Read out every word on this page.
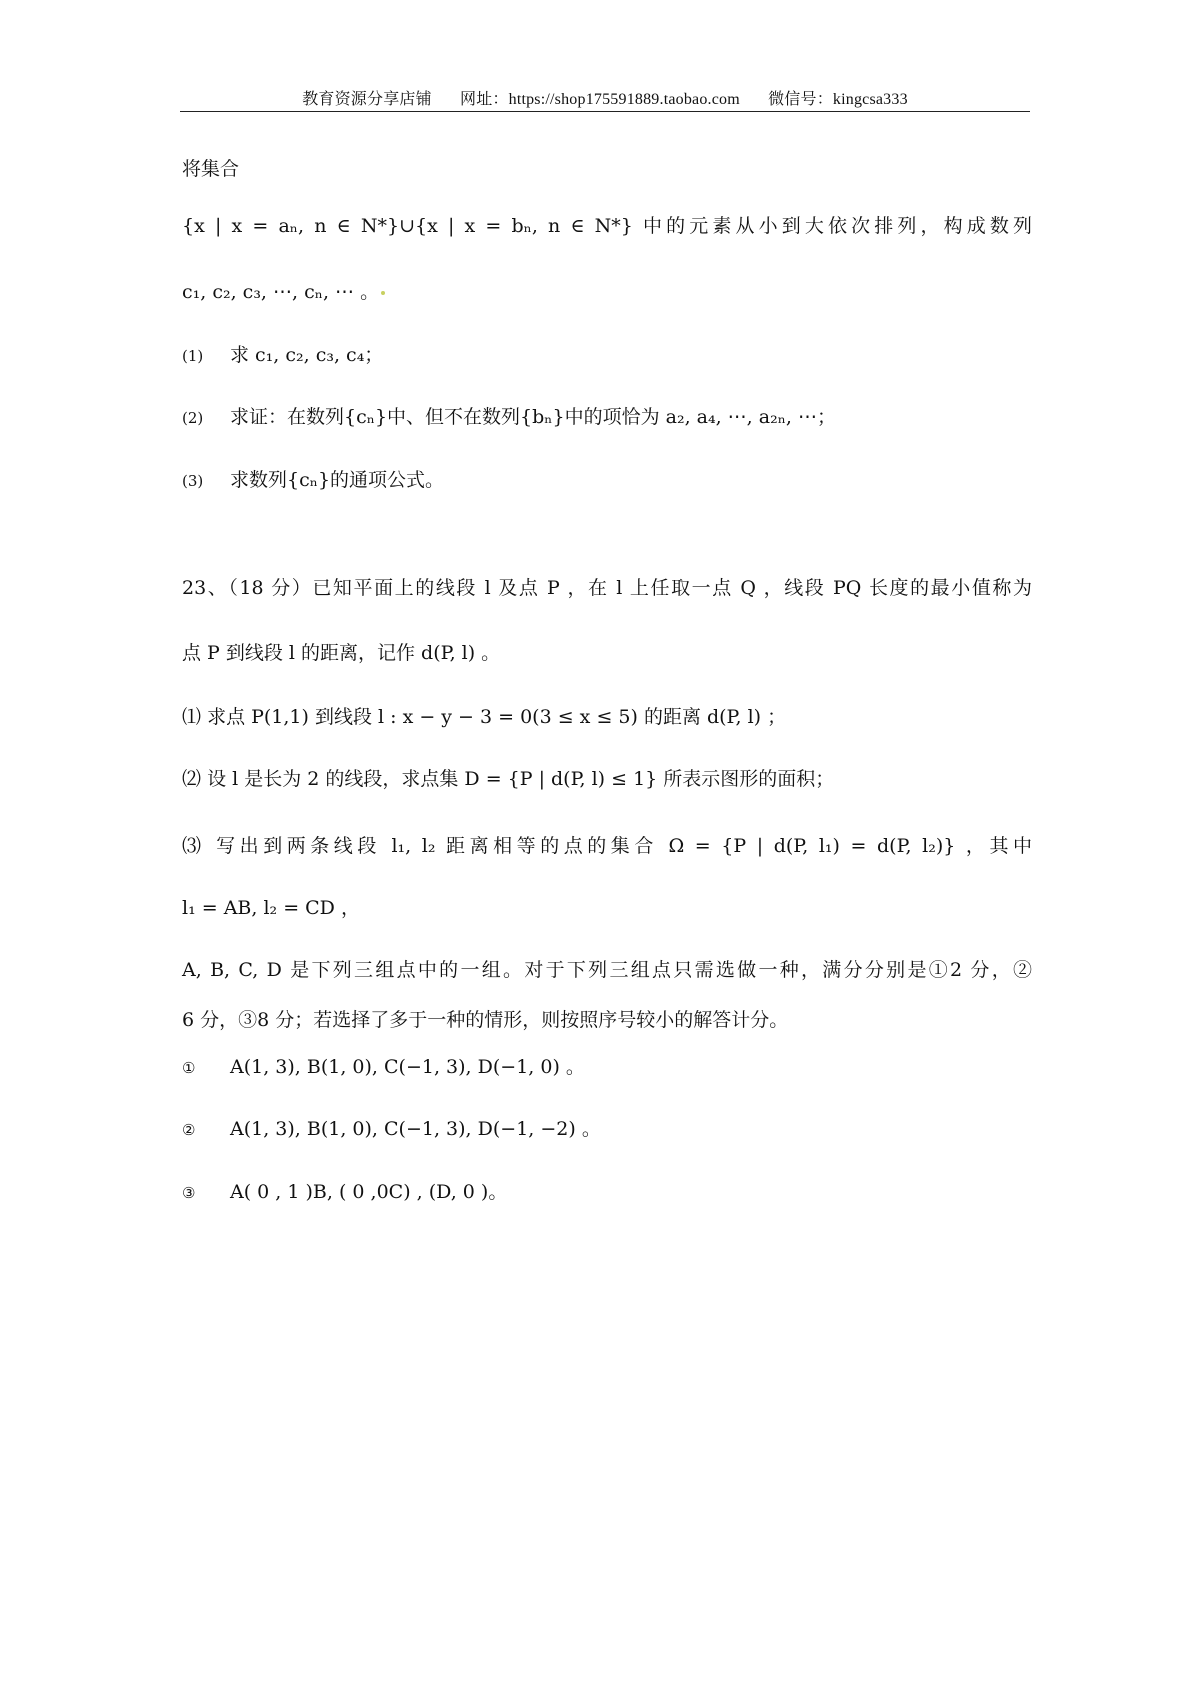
教育资源分享店铺 网址：https://shop175591889.taobao.com 微信号：kingcsa333
将集合
{x | x = aₙ, n ∈ N*}∪{x | x = bₙ, n ∈ N*} 中的元素从小到大依次排列，构成数列
c₁, c₂, c₃, ⋯, cₙ, ⋯ 。
(1) 求 c₁, c₂, c₃, c₄；
(2) 求证：在数列{cₙ}中、但不在数列{bₙ}中的项恰为 a₂, a₄, ⋯, a₂ₙ, ⋯；
(3) 求数列{cₙ}的通项公式。
23、（18 分）已知平面上的线段 l 及点 P ，在 l 上任取一点 Q ，线段 PQ 长度的最小值称为
点 P 到线段 l 的距离，记作 d(P, l) 。
⑴ 求点 P(1,1) 到线段 l : x − y − 3 = 0(3 ≤ x ≤ 5) 的距离 d(P, l) ；
⑵ 设 l 是长为 2 的线段，求点集 D = {P | d(P, l) ≤ 1} 所表示图形的面积；
⑶ 写出到两条线段 l₁, l₂ 距离相等的点的集合 Ω = {P | d(P, l₁) = d(P, l₂)} ，其中
l₁ = AB, l₂ = CD ，
A, B, C, D 是下列三组点中的一组。对于下列三组点只需选做一种，满分分别是①2 分，②
6 分，③8 分；若选择了多于一种的情形，则按照序号较小的解答计分。
① A(1, 3), B(1, 0), C(−1, 3), D(−1, 0) 。
② A(1, 3), B(1, 0), C(−1, 3), D(−1, −2) 。
③ A( 0 , 1 )B, ( 0 ,0C) , (D, 0 )。
